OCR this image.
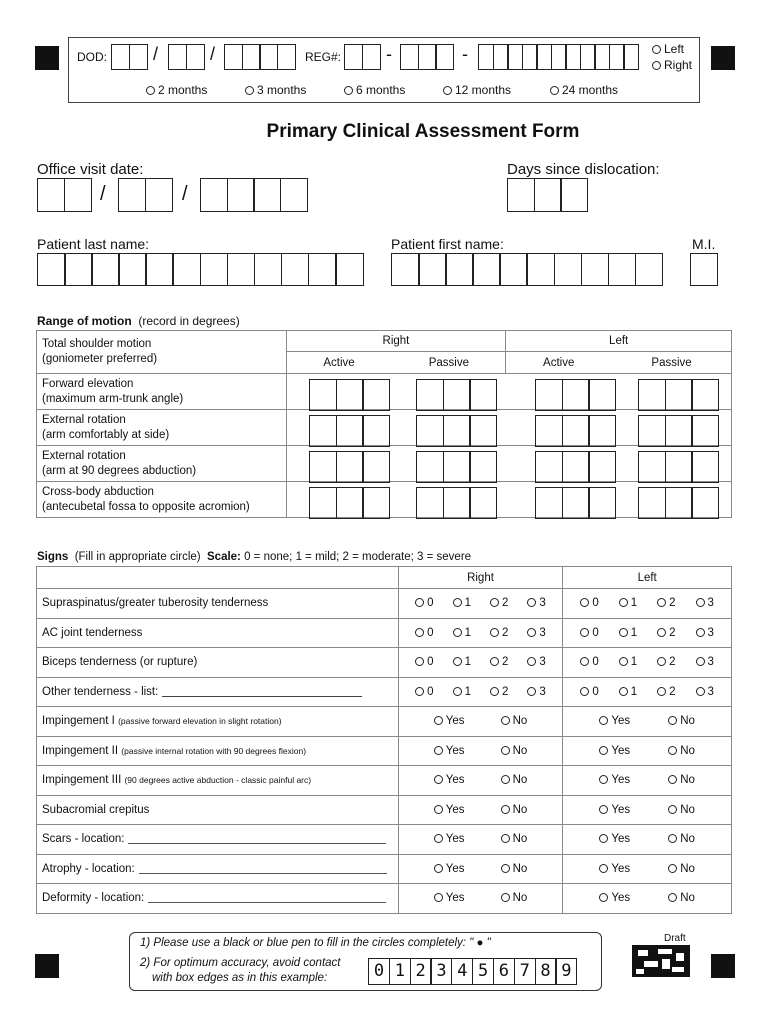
DOD:	/	/	REG#: -	-	Left
Right
2 months	3 months	6 months	12 months	24 months
Primary Clinical Assessment Form
Office visit date:
/	/
Days since dislocation:
Patient last name:	Patient first name:	M.I.
Range of motion (record in degrees)
Total shoulder motion
(goniometer preferred)	Right		Left	
	Active	Passive	Active	Passive

Forward elevation
(maximum arm-trunk angle)				

External rotation
(arm comfortably at side)				

External rotation
(arm at 90 degrees abduction)				

Cross-body abduction
(antecubetal fossa to opposite acromion)				

Signs (Fill in appropriate circle) Scale: 0 = none; 1 = mild; 2 = moderate; 3 = severe
	Right	Left
Supraspinatus/greater tuberosity tenderness	0 1 2 3	0 1 2 3

AC joint tenderness	0 1 2 3	0 1 2 3

Biceps tenderness (or rupture)	0 1 2 3	0 1 2 3

Other tenderness - list:	0 1 2 3	0 1 2 3

Impingement I (passive forward elevation in slight rotation)	Yes No	Yes No

Impingement II (passive internal rotation with 90 degrees flexion)	Yes No	Yes No

Impingement III (90 degrees active abduction - classic painful arc)	Yes No	Yes No

Subacromial crepitus	Yes No	Yes No

Scars - location:	Yes No	Yes No

Atrophy - location:	Yes No	Yes No

Deformity - location:	Yes No	Yes No
1) Please use a black or blue pen to fill in the circles completely: " ● "
2) For optimum accuracy, avoid contact
with box edges as in this example:	0 1 2 3 4 5 6 7 8 9
Draft
